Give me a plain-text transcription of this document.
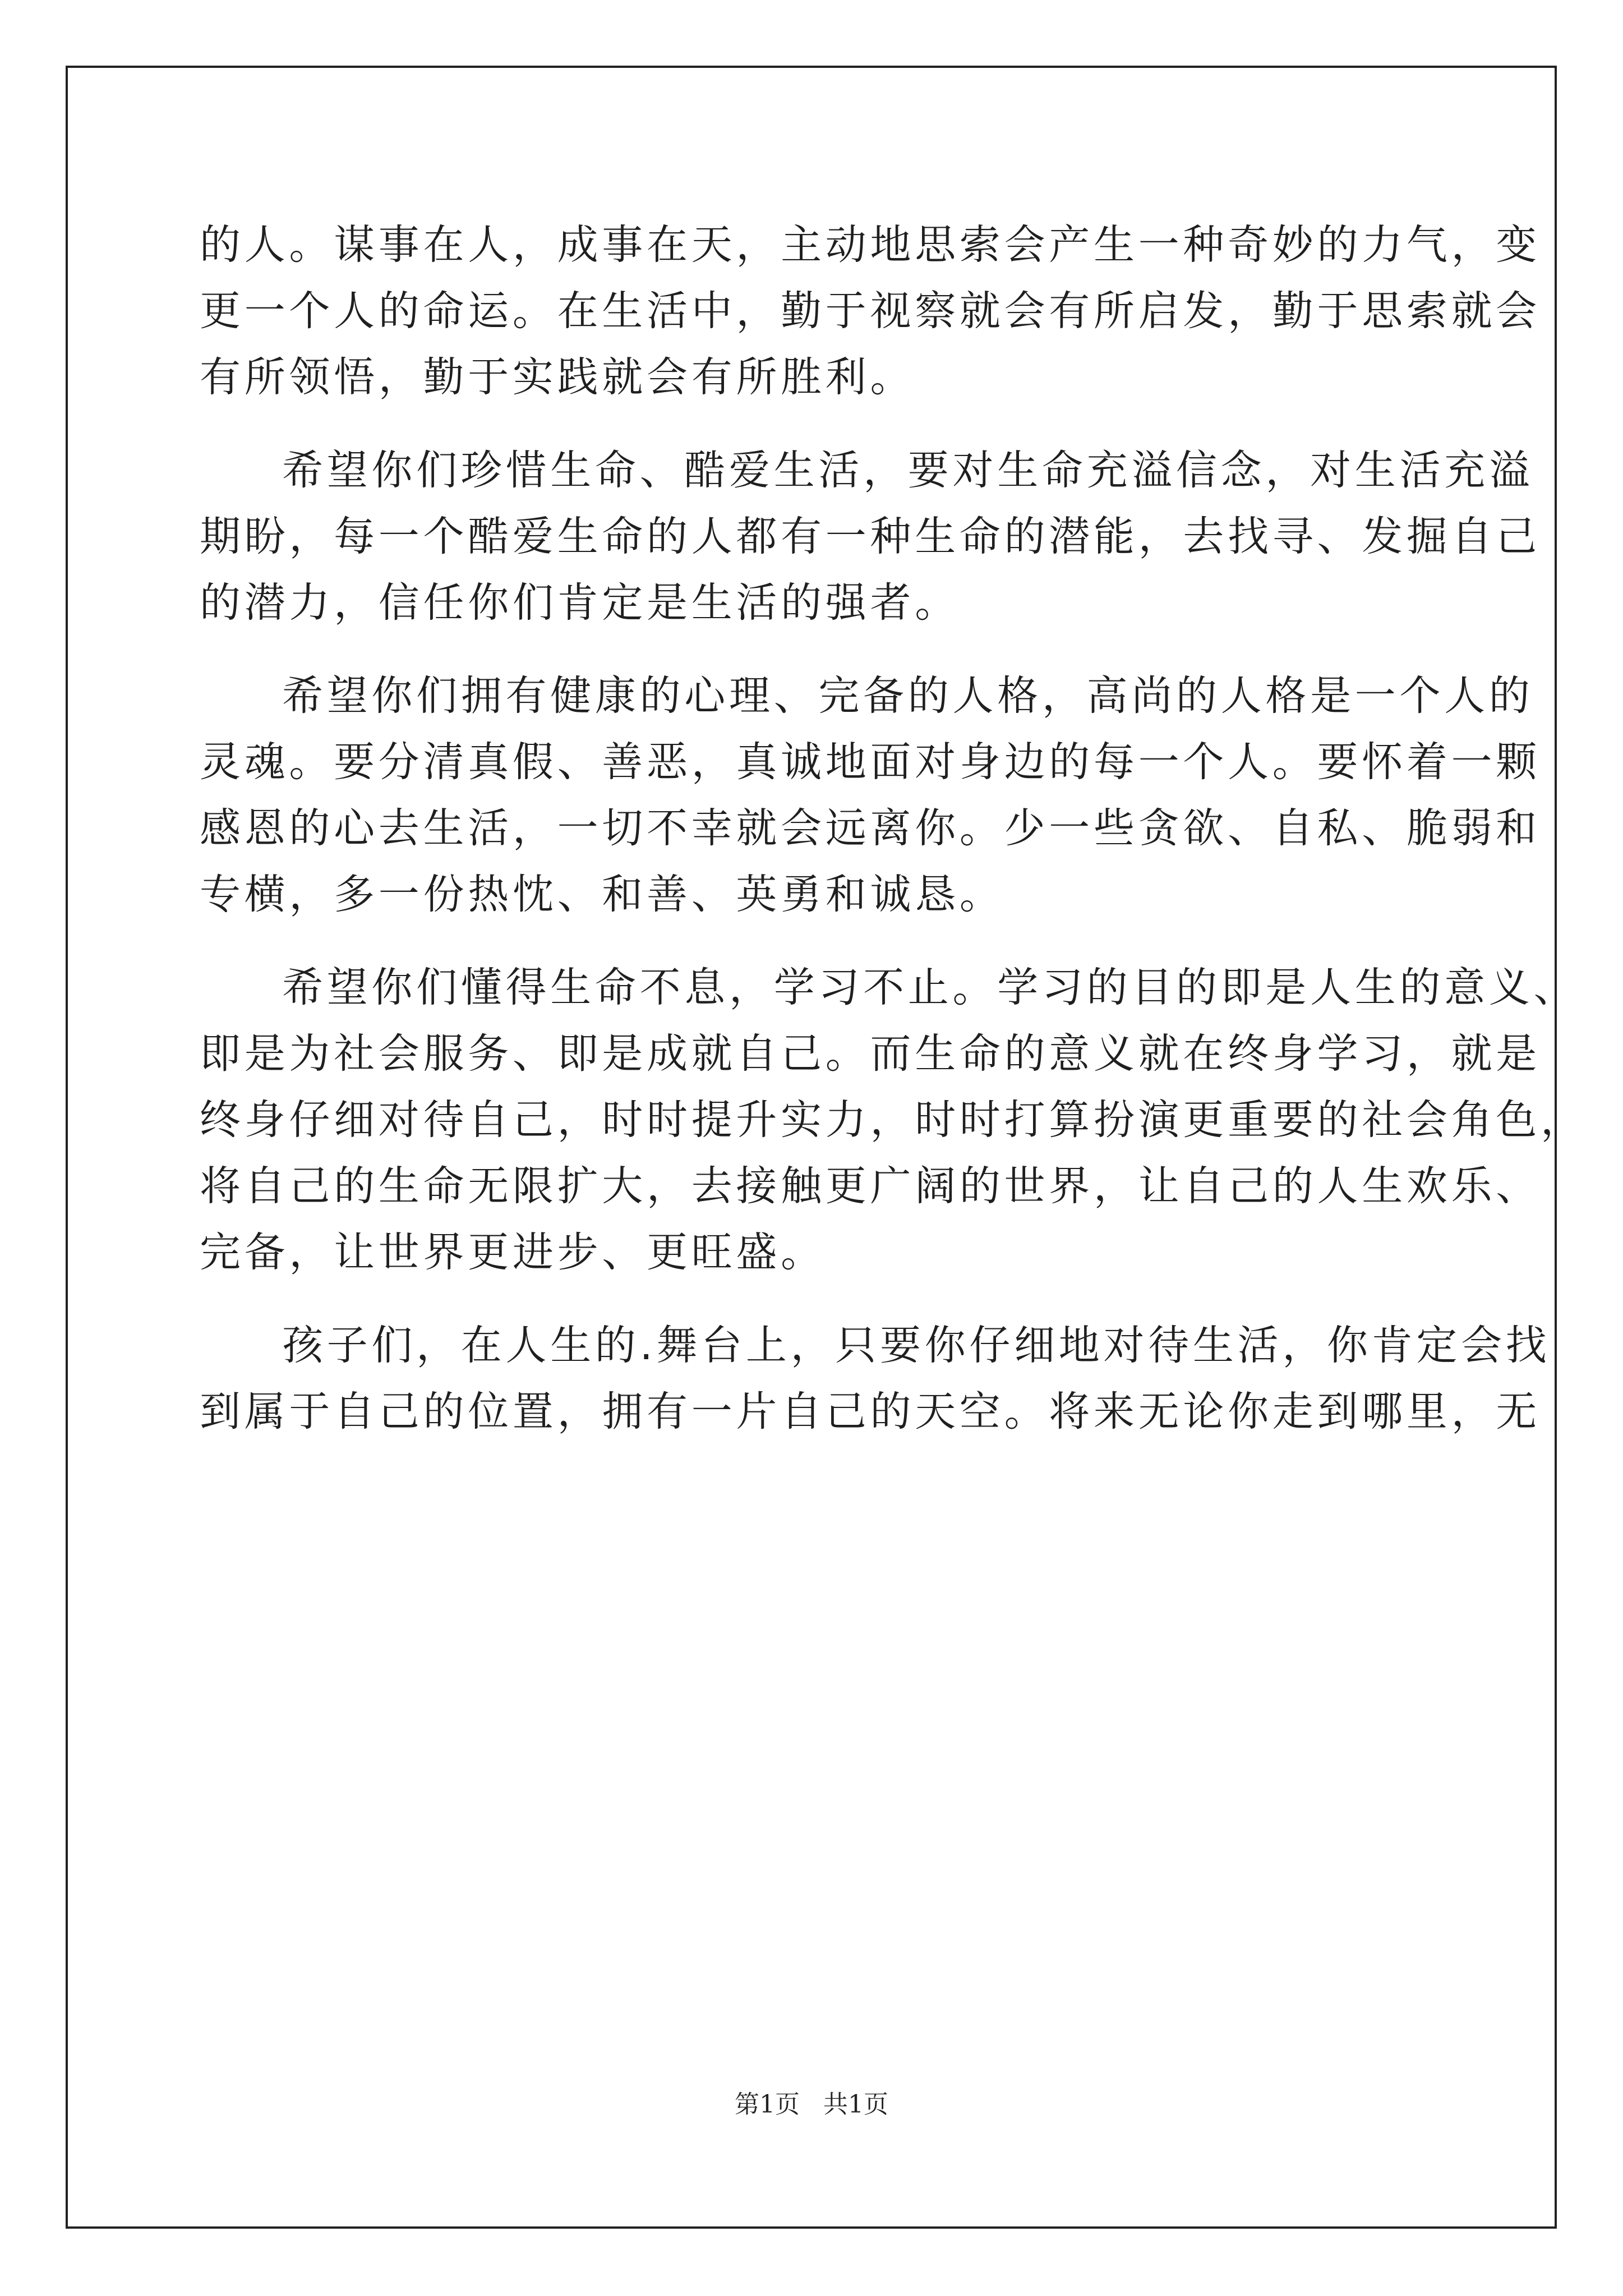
的人。谋事在人，成事在天，主动地思索会产生一种奇妙的力气，变
更一个人的命运。在生活中，勤于视察就会有所启发，勤于思索就会
有所领悟，勤于实践就会有所胜利。
希望你们珍惜生命、酷爱生活，要对生命充溢信念，对生活充溢
期盼，每一个酷爱生命的人都有一种生命的潜能，去找寻、发掘自己
的潜力，信任你们肯定是生活的强者。
希望你们拥有健康的心理、完备的人格，高尚的人格是一个人的
灵魂。要分清真假、善恶，真诚地面对身边的每一个人。要怀着一颗
感恩的心去生活，一切不幸就会远离你。少一些贪欲、自私、脆弱和
专横，多一份热忱、和善、英勇和诚恳。
希望你们懂得生命不息，学习不止。学习的目的即是人生的意义、
即是为社会服务、即是成就自己。而生命的意义就在终身学习，就是
终身仔细对待自己，时时提升实力，时时打算扮演更重要的社会角色，
将自己的生命无限扩大，去接触更广阔的世界，让自己的人生欢乐、
完备，让世界更进步、更旺盛。
孩子们，在人生的.舞台上，只要你仔细地对待生活，你肯定会找
到属于自己的位置，拥有一片自己的天空。将来无论你走到哪里，无
第1页   共1页
